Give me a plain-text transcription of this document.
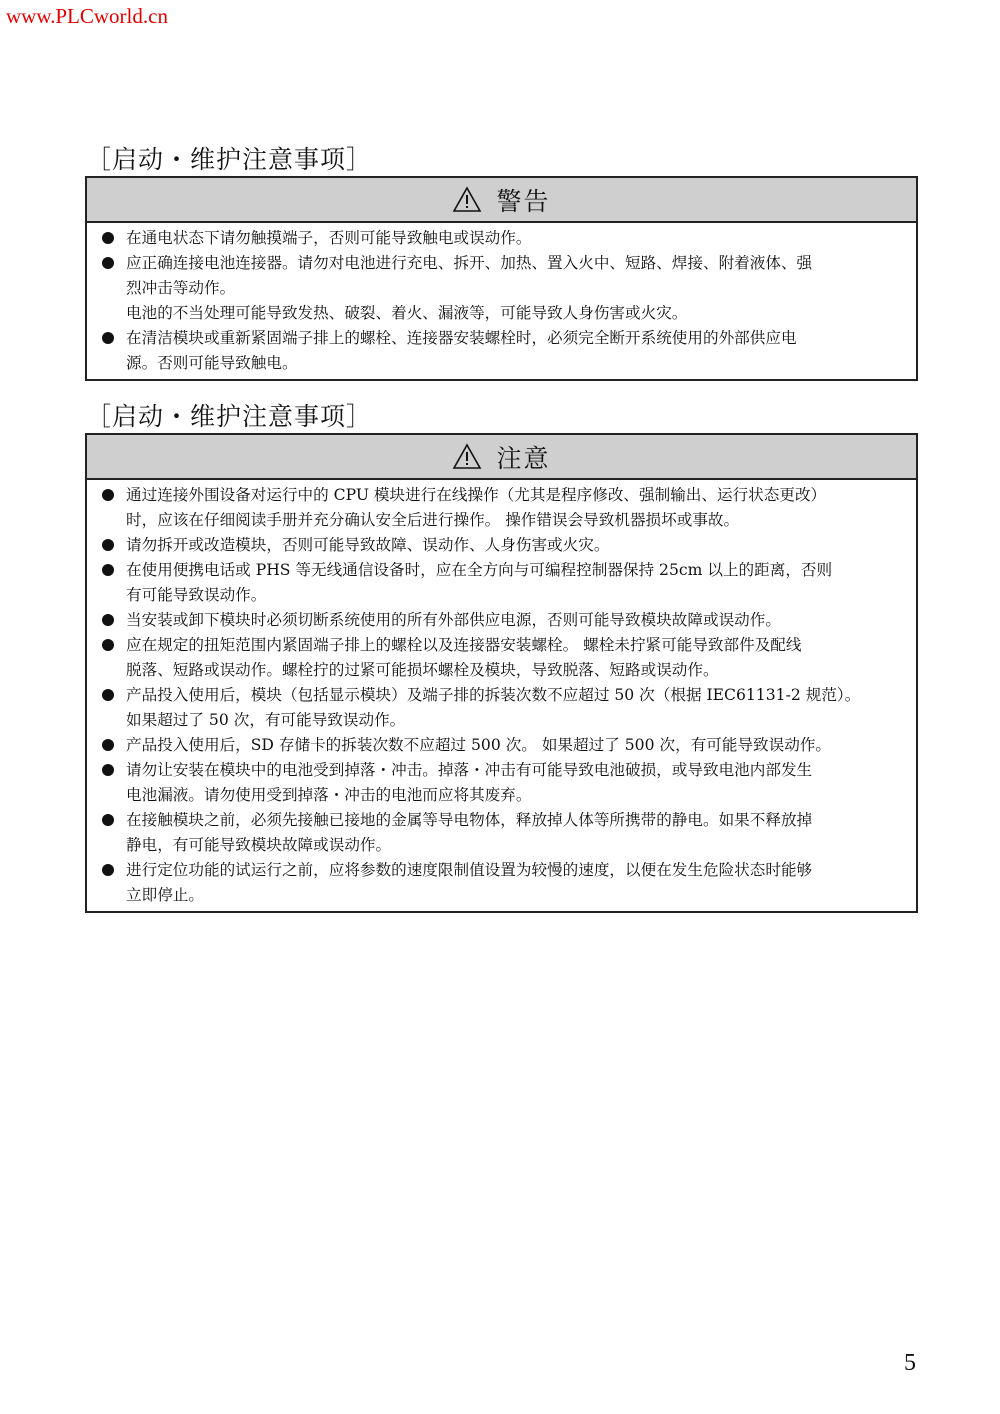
www.PLCworld.cn
［启动・维护注意事项］
警告
在通电状态下请勿触摸端子，否则可能导致触电或误动作。
应正确连接电池连接器。请勿对电池进行充电、拆开、加热、置入火中、短路、焊接、附着液体、强
烈冲击等动作。
电池的不当处理可能导致发热、破裂、着火、漏液等，可能导致人身伤害或火灾。
在清洁模块或重新紧固端子排上的螺栓、连接器安装螺栓时，必须完全断开系统使用的外部供应电
源。否则可能导致触电。
［启动・维护注意事项］
注意
通过连接外围设备对运行中的 CPU 模块进行在线操作（尤其是程序修改、强制输出、运行状态更改）
时，应该在仔细阅读手册并充分确认安全后进行操作。 操作错误会导致机器损坏或事故。
请勿拆开或改造模块，否则可能导致故障、误动作、人身伤害或火灾。
在使用便携电话或 PHS 等无线通信设备时，应在全方向与可编程控制器保持 25cm 以上的距离，否则
有可能导致误动作。
当安装或卸下模块时必须切断系统使用的所有外部供应电源，否则可能导致模块故障或误动作。
应在规定的扭矩范围内紧固端子排上的螺栓以及连接器安装螺栓。 螺栓未拧紧可能导致部件及配线
脱落、短路或误动作。螺栓拧的过紧可能损坏螺栓及模块，导致脱落、短路或误动作。
产品投入使用后，模块（包括显示模块）及端子排的拆装次数不应超过 50 次（根据 IEC61131-2 规范）。
如果超过了 50 次，有可能导致误动作。
产品投入使用后，SD 存储卡的拆装次数不应超过 500 次。 如果超过了 500 次，有可能导致误动作。
请勿让安装在模块中的电池受到掉落・冲击。掉落・冲击有可能导致电池破损，或导致电池内部发生
电池漏液。请勿使用受到掉落・冲击的电池而应将其废弃。
在接触模块之前，必须先接触已接地的金属等导电物体，释放掉人体等所携带的静电。如果不释放掉
静电，有可能导致模块故障或误动作。
进行定位功能的试运行之前，应将参数的速度限制值设置为较慢的速度，以便在发生危险状态时能够
立即停止。
5
